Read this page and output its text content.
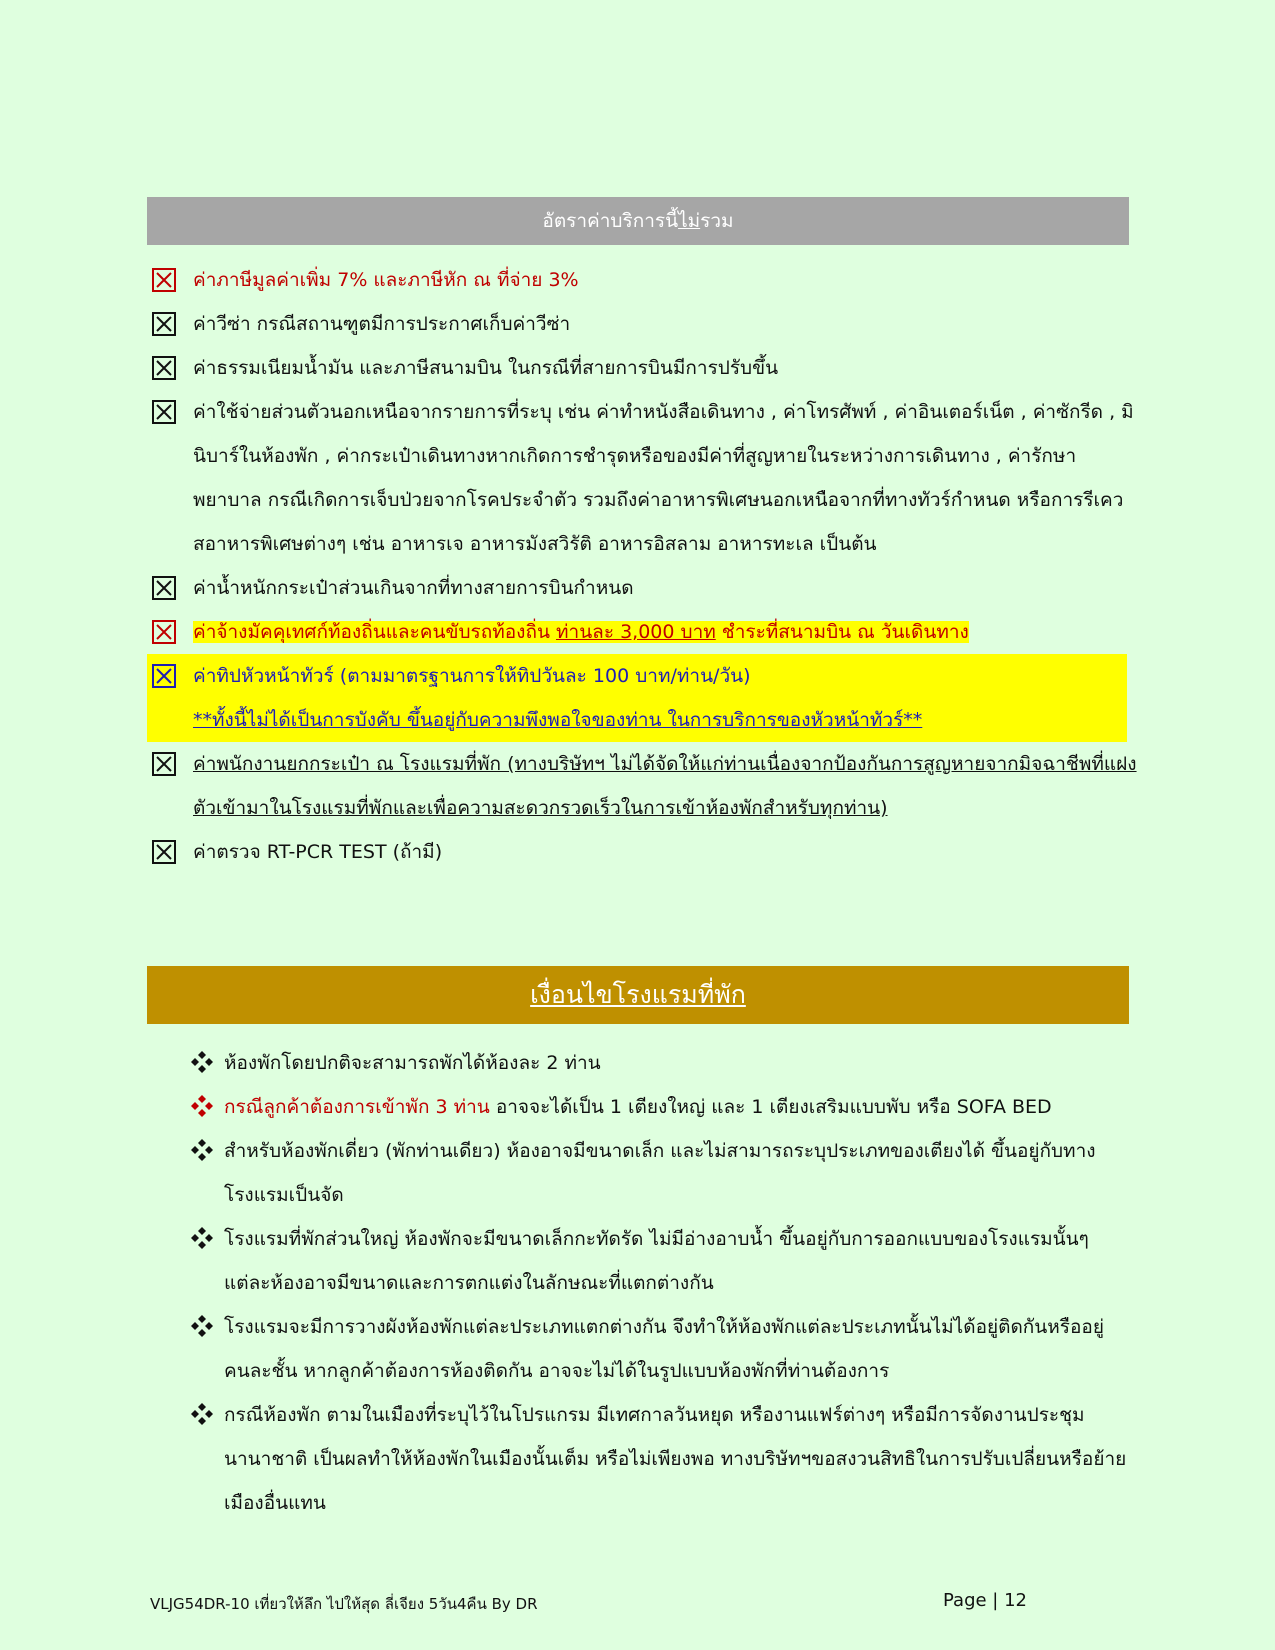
อัตราค่าบริการนี้ ไม่ รวม
ค่าภาษีมูลค่าเพิ่ม 7% และภาษีหัก ณ ที่จ่าย 3%
ค่าวีซ่า กรณีสถานฑูตมีการประกาศเก็บค่าวีซ่า
ค่าธรรมเนียมน้ำมัน และภาษีสนามบิน ในกรณีที่สายการบินมีการปรับขึ้น
ค่าใช้จ่ายส่วนตัวนอกเหนือจากรายการที่ระบุ เช่น ค่าทำหนังสือเดินทาง , ค่าโทรศัพท์ , ค่าอินเตอร์เน็ต , ค่าซักรีด , มินิบาร์ในห้องพัก , ค่ากระเป๋าเดินทางหากเกิดการชำรุดหรือของมีค่าที่สูญหายในระหว่างการเดินทาง , ค่ารักษาพยาบาล กรณีเกิดการเจ็บป่วยจากโรคประจำตัว รวมถึงค่าอาหารพิเศษนอกเหนือจากที่ทางทัวร์กำหนด หรือการรีเควสอาหารพิเศษต่างๆ เช่น อาหารเจ อาหารมังสวิรัติ อาหารอิสลาม อาหารทะเล เป็นต้น
ค่าน้ำหนักกระเป๋าส่วนเกินจากที่ทางสายการบินกำหนด
ค่าจ้างมัคคุเทศก์ท้องถิ่นและคนขับรถท้องถิ่น ท่านละ 3,000 บาท ชำระที่สนามบิน ณ วันเดินทาง
ค่าทิปหัวหน้าทัวร์ (ตามมาตรฐานการให้ทิปวันละ 100 บาท/ท่าน/วัน)
**ทั้งนี้ไม่ได้เป็นการบังคับ ขึ้นอยู่กับความพึงพอใจของท่าน ในการบริการของหัวหน้าทัวร์**
ค่าพนักงานยกกระเป๋า ณ โรงแรมที่พัก (ทางบริษัทฯ ไม่ได้จัดให้แก่ท่านเนื่องจากป้องกันการสูญหายจากมิจฉาชีพที่แฝงตัวเข้ามาในโรงแรมที่พักและเพื่อความสะดวกรวดเร็วในการเข้าห้องพักสำหรับทุกท่าน)
ค่าตรวจ RT-PCR TEST (ถ้ามี)
เงื่อนไขโรงแรมที่พัก
ห้องพักโดยปกติจะสามารถพักได้ห้องละ 2 ท่าน
กรณีลูกค้าต้องการเข้าพัก 3 ท่าน อาจจะได้เป็น 1 เตียงใหญ่ และ 1 เตียงเสริมแบบพับ หรือ SOFA BED
สำหรับห้องพักเดี่ยว (พักท่านเดียว) ห้องอาจมีขนาดเล็ก และไม่สามารถระบุประเภทของเตียงได้ ขึ้นอยู่กับทางโรงแรมเป็นจัด
โรงแรมที่พักส่วนใหญ่ ห้องพักจะมีขนาดเล็กกะทัดรัด ไม่มีอ่างอาบน้ำ ขึ้นอยู่กับการออกแบบของโรงแรมนั้นๆ แต่ละห้องอาจมีขนาดและการตกแต่งในลักษณะที่แตกต่างกัน
โรงแรมจะมีการวางผังห้องพักแต่ละประเภทแตกต่างกัน จึงทำให้ห้องพักแต่ละประเภทนั้นไม่ได้อยู่ติดกันหรืออยู่คนละชั้น หากลูกค้าต้องการห้องติดกัน อาจจะไม่ได้ในรูปแบบห้องพักที่ท่านต้องการ
กรณีห้องพัก ตามในเมืองที่ระบุไว้ในโปรแกรม มีเทศกาลวันหยุด หรืองานแฟร์ต่างๆ หรือมีการจัดงานประชุมนานาชาติ เป็นผลทำให้ห้องพักในเมืองนั้นเต็ม หรือไม่เพียงพอ ทางบริษัทฯขอสงวนสิทธิในการปรับเปลี่ยนหรือย้ายเมืองอื่นแทน
VLJG54DR-10 เที่ยวให้ลึก ไปให้สุด ลี่เจียง 5วัน4คืน By DR	Page | 12
